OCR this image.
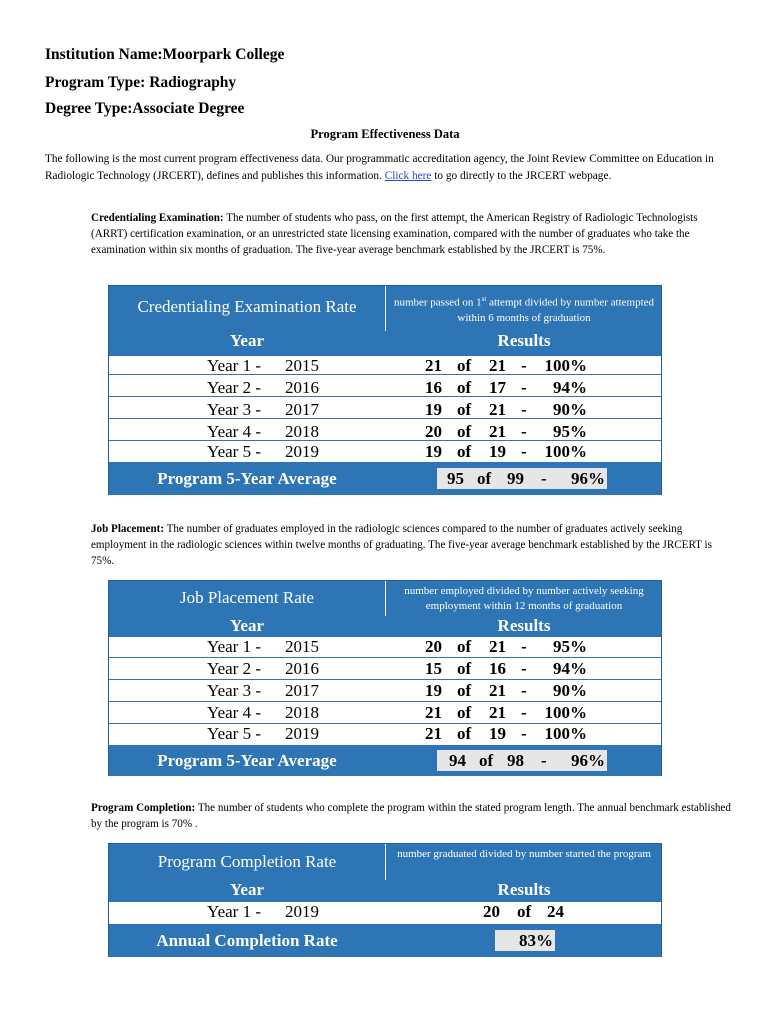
Institution Name:Moorpark College
Program Type: Radiography
Degree Type:Associate Degree
Program Effectiveness Data
The following is the most current program effectiveness data. Our programmatic accreditation agency, the Joint Review Committee on Education in Radiologic Technology (JRCERT), defines and publishes this information. Click here to go directly to the JRCERT webpage.
Credentialing Examination: The number of students who pass, on the first attempt, the American Registry of Radiologic Technologists (ARRT) certification examination, or an unrestricted state licensing examination, compared with the number of graduates who take the examination within six months of graduation. The five-year average benchmark established by the JRCERT is 75%.
Credentialing Examination Rate	number passed on 1st attempt divided by number attempted within 6 months of graduation
Year	Results
Year 1 - 2015	21 of 21 -	100%
Year 2 - 2016	16 of 17 -	94%
Year 3 - 2017	19 of 21 -	90%
Year 4 - 2018	20 of 21 -	95%
Year 5 - 2019	19 of 19 -	100%
Program 5-Year Average	95 of 99 - 96%
Job Placement: The number of graduates employed in the radiologic sciences compared to the number of graduates actively seeking employment in the radiologic sciences within twelve months of graduating. The five-year average benchmark established by the JRCERT is 75%.
Job Placement Rate	number employed divided by number actively seeking employment within 12 months of graduation
Year	Results
Year 1 - 2015	20 of 21 -	95%
Year 2 - 2016	15 of 16 -	94%
Year 3 - 2017	19 of 21 -	90%
Year 4 - 2018	21 of 21 -	100%
Year 5 - 2019	21 of 19 -	100%
Program 5-Year Average	94 of 98 - 96%
Program Completion: The number of students who complete the program within the stated program length. The annual benchmark established by the program is 70% .
Program Completion Rate	number graduated divided by number started the program
Year	Results
Year 1 - 2019	20 of 24
Annual Completion Rate	83%
